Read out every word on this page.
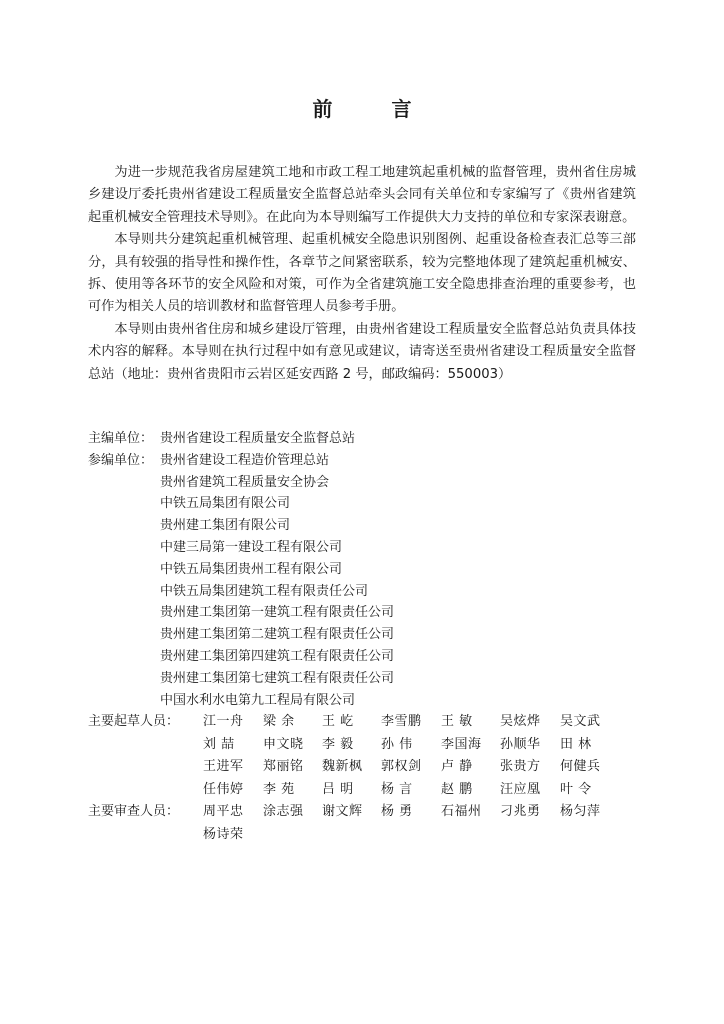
前 言

为进一步规范我省房屋建筑工地和市政工程工地建筑起重机械的监督管理，贵州省住房城乡建设厅委托贵州省建设工程质量安全监督总站牵头会同有关单位和专家编写了《贵州省建筑起重机械安全管理技术导则》。在此向为本导则编写工作提供大力支持的单位和专家深表谢意。

本导则共分建筑起重机械管理、起重机械安全隐患识别图例、起重设备检查表汇总等三部分，具有较强的指导性和操作性，各章节之间紧密联系，较为完整地体现了建筑起重机械安、拆、使用等各环节的安全风险和对策，可作为全省建筑施工安全隐患排查治理的重要参考，也可作为相关人员的培训教材和监督管理人员参考手册。

本导则由贵州省住房和城乡建设厅管理，由贵州省建设工程质量安全监督总站负责具体技术内容的解释。本导则在执行过程中如有意见或建议，请寄送至贵州省建设工程质量安全监督总站（地址：贵州省贵阳市云岩区延安西路 2 号，邮政编码：550003）

主编单位： 贵州省建设工程质量安全监督总站
参编单位： 贵州省建设工程造价管理总站
贵州省建筑工程质量安全协会
中铁五局集团有限公司
贵州建工集团有限公司
中建三局第一建设工程有限公司
中铁五局集团贵州工程有限公司
中铁五局集团建筑工程有限责任公司
贵州建工集团第一建筑工程有限责任公司
贵州建工集团第二建筑工程有限责任公司
贵州建工集团第四建筑工程有限责任公司
贵州建工集团第七建筑工程有限责任公司
中国水利水电第九工程局有限公司
主要起草人员： 江一舟 梁 余 王 屹 李雪鹏 王 敏 吴炫烨 吴文武
刘 喆 申文晓 李 毅 孙 伟 李国海 孙顺华 田 林
王进军 郑丽铭 魏新枫 郭权剑 卢 静 张贵方 何健兵
任伟婷 李 苑 吕 明 杨 言 赵 鹏 汪应凰 叶 令
主要审查人员： 周平忠 涂志强 谢文辉 杨 勇 石福州 刁兆勇 杨匀萍
杨诗荣
